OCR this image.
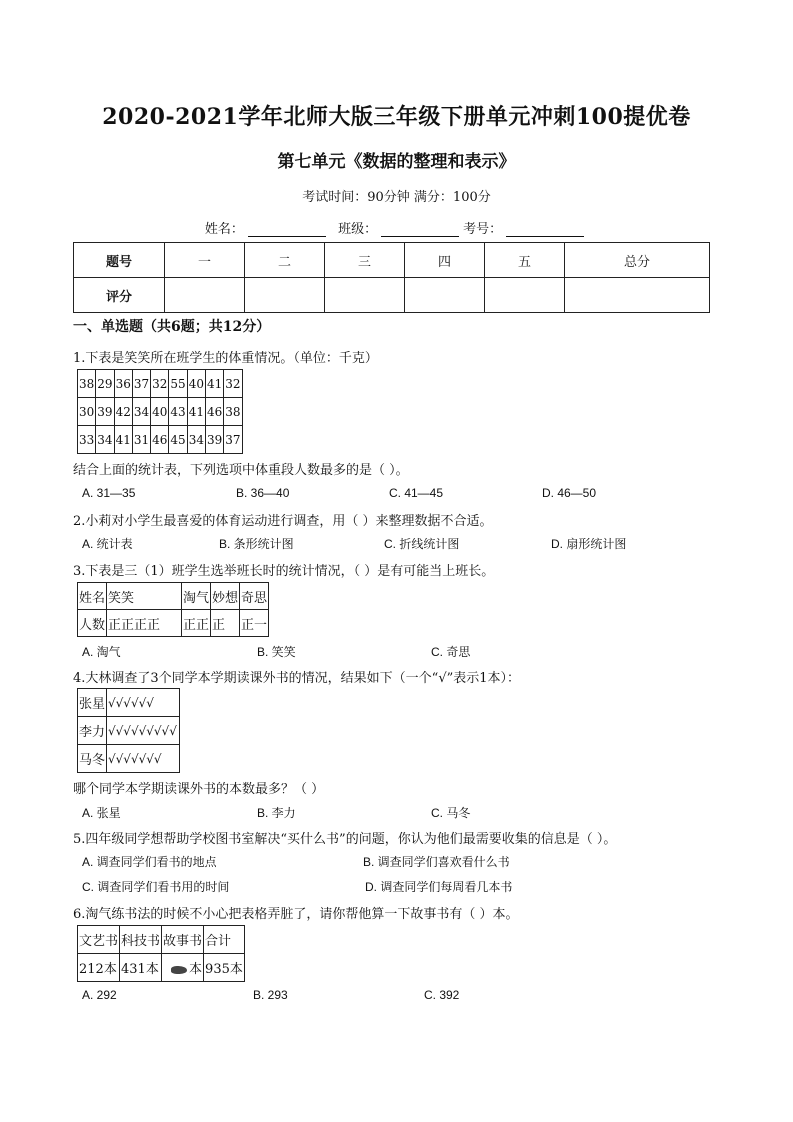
2020-2021学年北师大版三年级下册单元冲刺100提优卷
第七单元《数据的整理和表示》
考试时间：90分钟 满分：100分
姓名：	班级：	考号：
题号	一	二	三	四	五	总分
评分						
一、单选题（共6题；共12分）
1.下表是笑笑所在班学生的体重情况。（单位：千克）
38	29	36	37	32	55	40	41	32
30	39	42	34	40	43	41	46	38
33	34	41	31	46	45	34	39	37
结合上面的统计表，下列选项中体重段人数最多的是（ ）。
A. 31—35	B. 36—40	C. 41—45	D. 46—50
2.小莉对小学生最喜爱的体育运动进行调查，用（ ）来整理数据不合适。
A. 统计表	B. 条形统计图	C. 折线统计图	D. 扇形统计图
3.下表是三（1）班学生选举班长时的统计情况，（ ）是有可能当上班长。
姓名	笑笑	淘气	妙想	奇思
人数	正正正正	正正	正	正一
A. 淘气	B. 笑笑	C. 奇思
4.大林调查了3个同学本学期读课外书的情况，结果如下（一个“√”表示1本）：
张星	√√√√√√
李力	√√√√√√√√√
马冬	√√√√√√√
哪个同学本学期读课外书的本数最多？（ ）
A. 张星	B. 李力	C. 马冬
5.四年级同学想帮助学校图书室解决“买什么书”的问题，你认为他们最需要收集的信息是（ ）。
A. 调查同学们看书的地点	B. 调查同学们喜欢看什么书
C. 调查同学们看书用的时间	D. 调查同学们每周看几本书
6.淘气练书法的时候不小心把表格弄脏了，请你帮他算一下故事书有（ ）本。
文艺书	科技书	故事书	合计
212本	431本	本	935本
A. 292	B. 293	C. 392
